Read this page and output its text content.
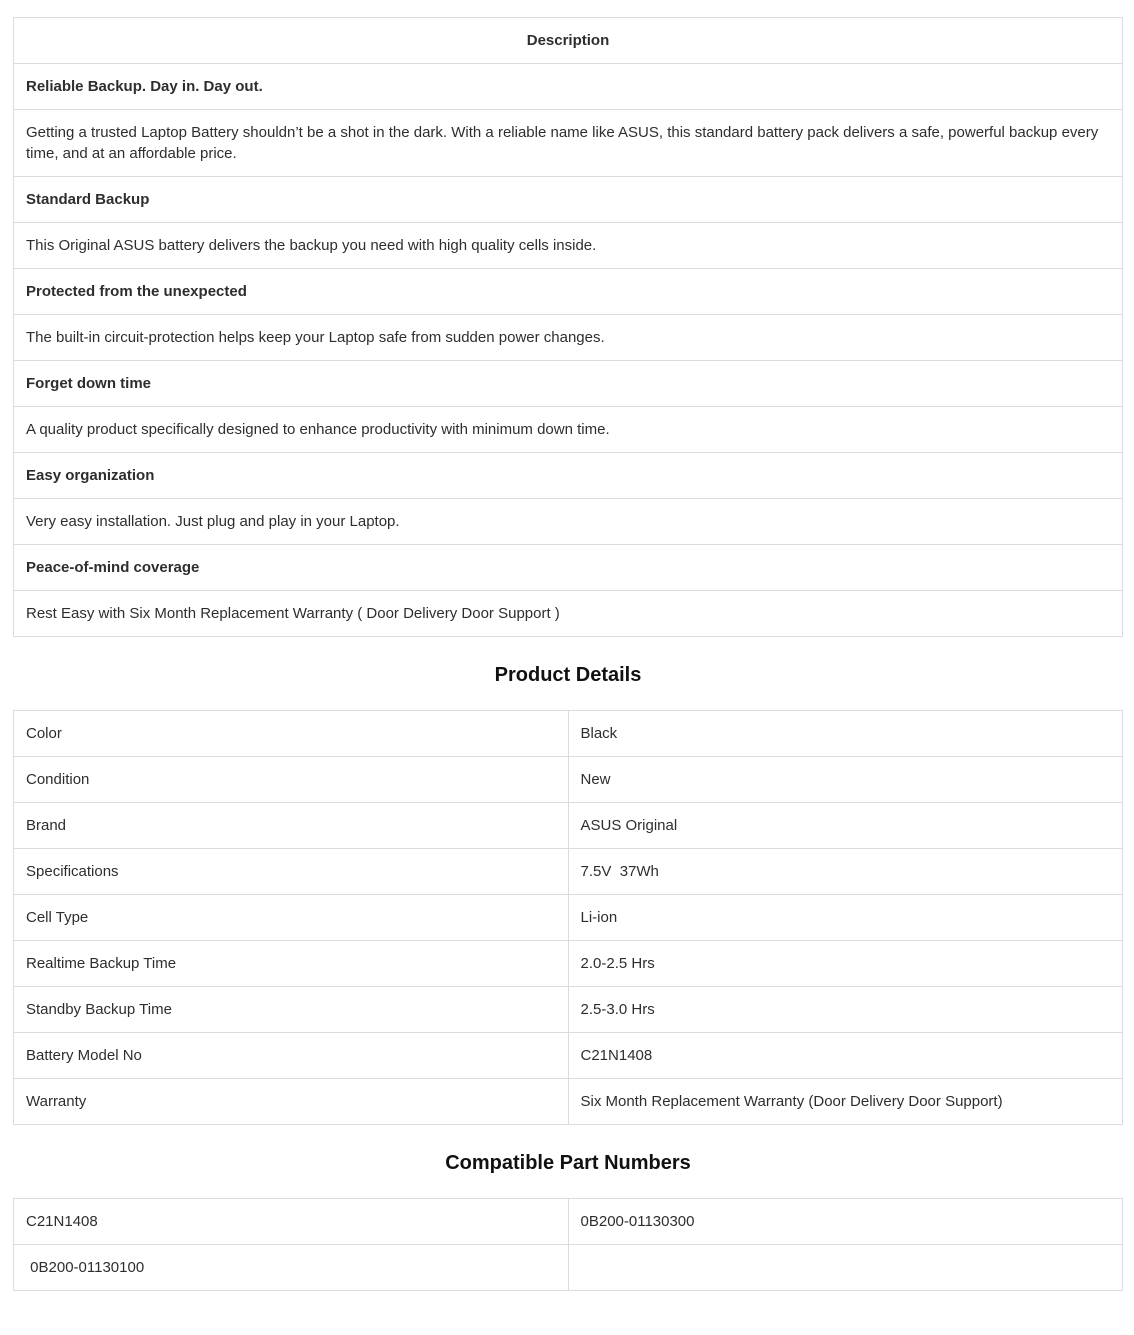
Description
Reliable Backup. Day in. Day out.
Getting a trusted Laptop Battery shouldn’t be a shot in the dark. With a reliable name like ASUS, this standard battery pack delivers a safe, powerful backup every time, and at an affordable price.
Standard Backup
This Original ASUS battery delivers the backup you need with high quality cells inside.
Protected from the unexpected
The built-in circuit-protection helps keep your Laptop safe from sudden power changes.
Forget down time
A quality product specifically designed to enhance productivity with minimum down time.
Easy organization
Very easy installation. Just plug and play in your Laptop.
Peace-of-mind coverage
Rest Easy with Six Month Replacement Warranty ( Door Delivery Door Support )
Product Details
Color	Black
Condition	New
Brand	ASUS Original
Specifications	7.5V  37Wh
Cell Type	Li-ion
Realtime Backup Time	2.0-2.5 Hrs
Standby Backup Time	2.5-3.0 Hrs
Battery Model No	C21N1408
Warranty	Six Month Replacement Warranty (Door Delivery Door Support)
Compatible Part Numbers
C21N1408	0B200-01130300
0B200-01130100	
